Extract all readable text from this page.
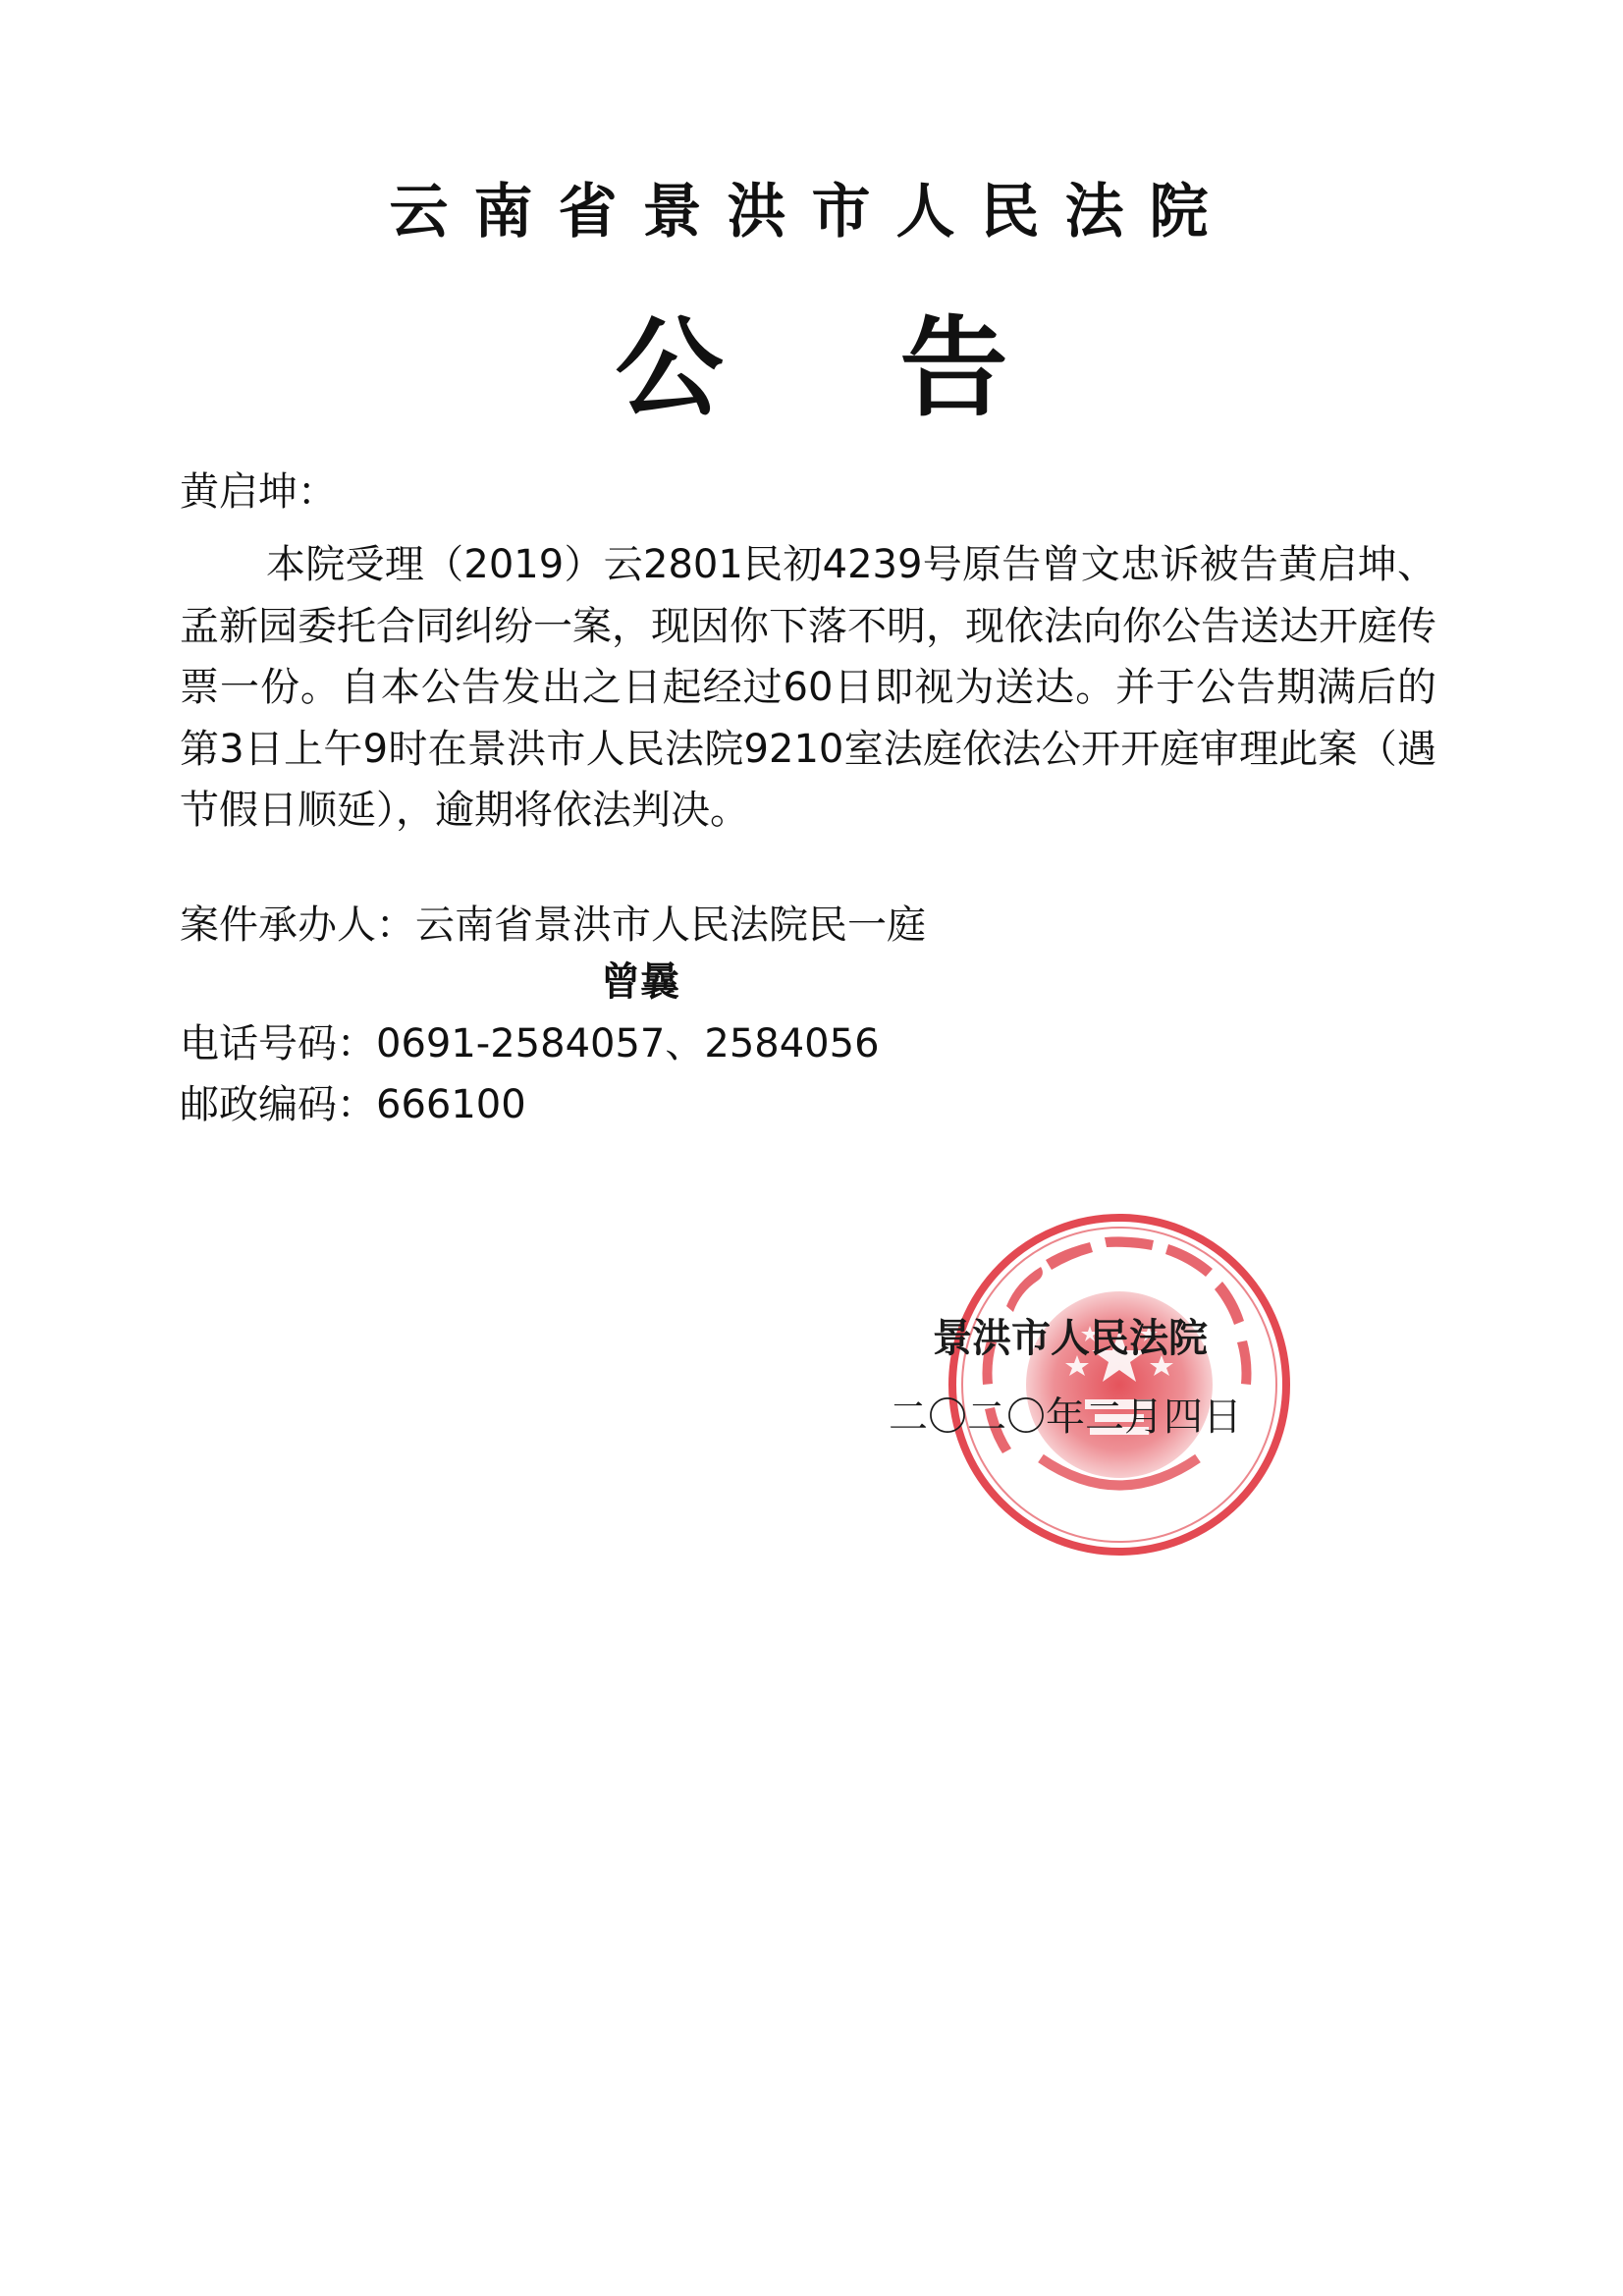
云南省景洪市人民法院
公 告
黄启坤：

本院受理（2019）云2801民初4239号原告曾文忠诉被告黄启坤、孟新园委托合同纠纷一案，现因你下落不明，现依法向你公告送达开庭传票一份。自本公告发出之日起经过60日即视为送达。并于公告期满后的第3日上午9时在景洪市人民法院9210室法庭依法公开开庭审理此案（遇节假日顺延），逾期将依法判决。

案件承办人：云南省景洪市人民法院民一庭
曾曩
电话号码：0691-2584057、2584056
邮政编码：666100
景洪市人民法院
二〇二〇年二月四日
